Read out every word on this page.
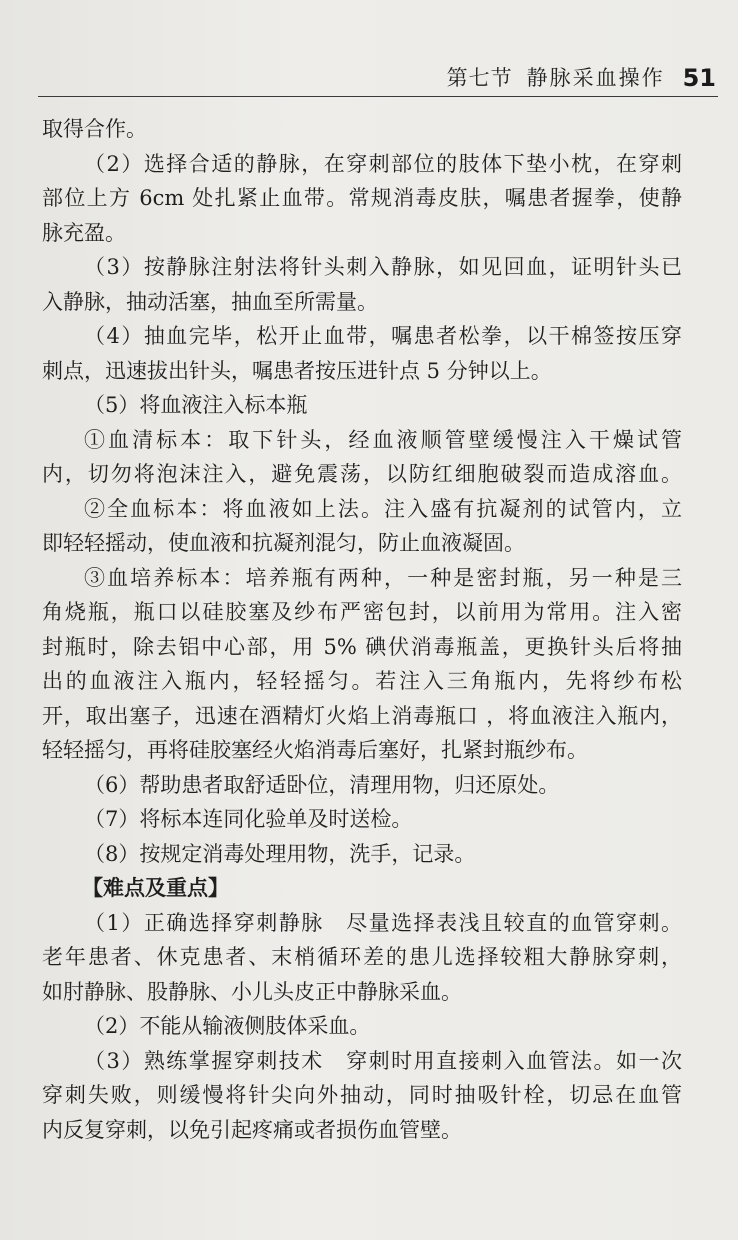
第七节 静脉采血操作 51
取得合作。
（2）选择合适的静脉，在穿刺部位的肢体下垫小枕，在穿刺
部位上方 6cm 处扎紧止血带。常规消毒皮肤，嘱患者握拳，使静
脉充盈。
（3）按静脉注射法将针头刺入静脉，如见回血，证明针头已
入静脉，抽动活塞，抽血至所需量。
（4）抽血完毕，松开止血带，嘱患者松拳，以干棉签按压穿
刺点，迅速拔出针头，嘱患者按压进针点 5 分钟以上。
（5）将血液注入标本瓶
①血清标本：取下针头，经血液顺管壁缓慢注入干燥试管
内，切勿将泡沫注入，避免震荡，以防红细胞破裂而造成溶血。
②全血标本：将血液如上法。注入盛有抗凝剂的试管内，立
即轻轻摇动，使血液和抗凝剂混匀，防止血液凝固。
③血培养标本：培养瓶有两种，一种是密封瓶，另一种是三
角烧瓶，瓶口以硅胶塞及纱布严密包封，以前用为常用。注入密
封瓶时，除去铝中心部，用 5% 碘伏消毒瓶盖，更换针头后将抽
出的血液注入瓶内，轻轻摇匀。若注入三角瓶内，先将纱布松
开，取出塞子，迅速在酒精灯火焰上消毒瓶口 ，将血液注入瓶内，
轻轻摇匀，再将硅胶塞经火焰消毒后塞好，扎紧封瓶纱布。
（6）帮助患者取舒适卧位，清理用物，归还原处。
（7）将标本连同化验单及时送检。
（8）按规定消毒处理用物，洗手，记录。
【难点及重点】
（1）正确选择穿刺静脉　尽量选择表浅且较直的血管穿刺。
老年患者、休克患者、末梢循环差的患儿选择较粗大静脉穿刺，
如肘静脉、股静脉、小儿头皮正中静脉采血。
（2）不能从输液侧肢体采血。
（3）熟练掌握穿刺技术　穿刺时用直接刺入血管法。如一次
穿刺失败，则缓慢将针尖向外抽动，同时抽吸针栓，切忌在血管
内反复穿刺，以免引起疼痛或者损伤血管壁。
